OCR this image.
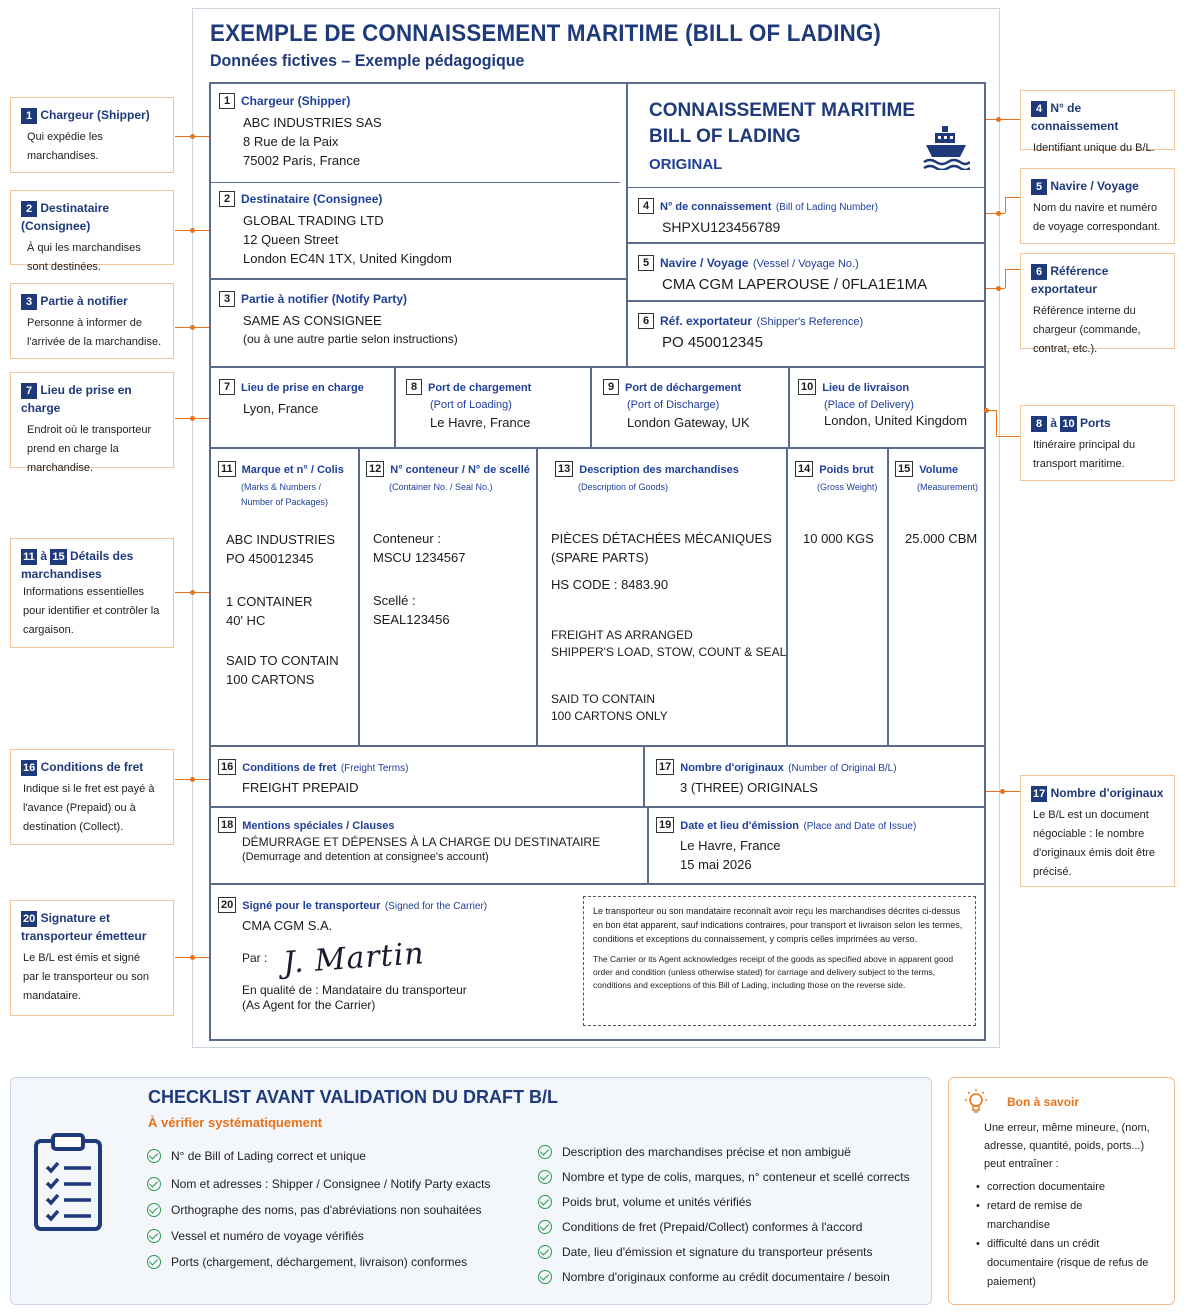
EXEMPLE DE CONNAISSEMENT MARITIME (BILL OF LADING)
Données fictives – Exemple pédagogique
1 Chargeur (Shipper)
ABC INDUSTRIES SAS
8 Rue de la Paix
75002 Paris, France
2 Destinataire (Consignee)
GLOBAL TRADING LTD
12 Queen Street
London EC4N 1TX, United Kingdom
3 Partie à notifier (Notify Party)
SAME AS CONSIGNEE
(ou à une autre partie selon instructions)
CONNAISSEMENT MARITIME
BILL OF LADING
ORIGINAL
4 N° de connaissement (Bill of Lading Number)
SHPXU123456789
5 Navire / Voyage (Vessel / Voyage No.)
CMA CGM LAPEROUSE / 0FLA1E1MA
6 Réf. exportateur (Shipper's Reference)
PO 450012345
7 Lieu de prise en charge
Lyon, France
8 Port de chargement
(Port of Loading)
Le Havre, France
9 Port de déchargement
(Port of Discharge)
London Gateway, UK
10 Lieu de livraison
(Place of Delivery)
London, United Kingdom
11 Marque et n° / Colis
(Marks & Numbers /
Number of Packages)
ABC INDUSTRIES
PO 450012345
1 CONTAINER
40' HC
SAID TO CONTAIN
100 CARTONS
12 N° conteneur / N° de scellé
(Container No. / Seal No.)
Conteneur :
MSCU 1234567
Scellé :
SEAL123456
13 Description des marchandises
(Description of Goods)
PIÈCES DÉTACHÉES MÉCANIQUES
(SPARE PARTS)
HS CODE : 8483.90
FREIGHT AS ARRANGED
SHIPPER'S LOAD, STOW, COUNT & SEAL
SAID TO CONTAIN
100 CARTONS ONLY
14 Poids brut
(Gross Weight)
10 000 KGS
15 Volume
(Measurement)
25.000 CBM
16 Conditions de fret (Freight Terms)
FREIGHT PREPAID
17 Nombre d'originaux (Number of Original B/L)
3 (THREE) ORIGINALS
18 Mentions spéciales / Clauses
DÉMURRAGE ET DÉPENSES À LA CHARGE DU DESTINATAIRE
(Demurrage and detention at consignee's account)
19 Date et lieu d'émission (Place and Date of Issue)
Le Havre, France
15 mai 2026
20 Signé pour le transporteur (Signed for the Carrier)
CMA CGM S.A.
Par : J. Martin
En qualité de : Mandataire du transporteur
(As Agent for the Carrier)
Le transporteur ou son mandataire reconnaît avoir reçu les marchandises décrites ci-dessus en bon état apparent, sauf indications contraires, pour transport et livraison selon les termes, conditions et exceptions du connaissement, y compris celles imprimées au verso.
The Carrier or its Agent acknowledges receipt of the goods as specified above in apparent good order and condition (unless otherwise stated) for carriage and delivery subject to the terms, conditions and exceptions of this Bill of Lading, including those on the reverse side.
1 Chargeur (Shipper)
Qui expédie les marchandises.
2 Destinataire (Consignee)
À qui les marchandises sont destinées.
3 Partie à notifier
Personne à informer de l'arrivée de la marchandise.
7 Lieu de prise en charge
Endroit où le transporteur prend en charge la marchandise.
11 à 15 Détails des marchandises
Informations essentielles pour identifier et contrôler la cargaison.
16 Conditions de fret
Indique si le fret est payé à l'avance (Prepaid) ou à destination (Collect).
20 Signature et transporteur émetteur
Le B/L est émis et signé par le transporteur ou son mandataire.
4 N° de connaissement
Identifiant unique du B/L.
5 Navire / Voyage
Nom du navire et numéro de voyage correspondant.
6 Référence exportateur
Référence interne du chargeur (commande, contrat, etc.).
8 à 10 Ports
Itinéraire principal du transport maritime.
17 Nombre d'originaux
Le B/L est un document négociable : le nombre d'originaux émis doit être précisé.
CHECKLIST AVANT VALIDATION DU DRAFT B/L
À vérifier systématiquement
N° de Bill of Lading correct et unique
Nom et adresses : Shipper / Consignee / Notify Party exacts
Orthographe des noms, pas d'abréviations non souhaitées
Vessel et numéro de voyage vérifiés
Ports (chargement, déchargement, livraison) conformes
Description des marchandises précise et non ambiguë
Nombre et type de colis, marques, n° conteneur et scellé corrects
Poids brut, volume et unités vérifiés
Conditions de fret (Prepaid/Collect) conformes à l'accord
Date, lieu d'émission et signature du transporteur présents
Nombre d'originaux conforme au crédit documentaire / besoin
Bon à savoir
Une erreur, même mineure, (nom, adresse, quantité, poids, ports...) peut entraîner :
• correction documentaire
• retard de remise de marchandise
• difficulté dans un crédit documentaire (risque de refus de paiement)
